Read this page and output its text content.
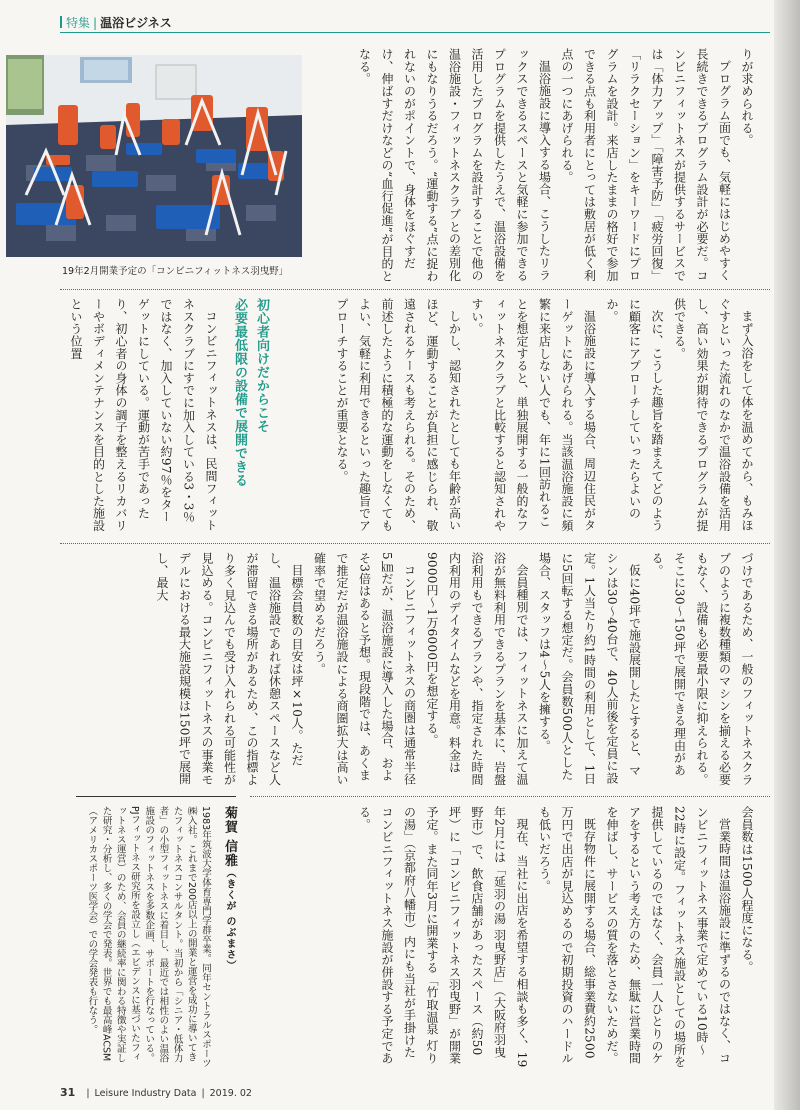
特集 | 温浴ビジネス
19年2月開業予定の「コンビニフィットネス羽曳野」

りが求められる。

プログラム面でも、気軽にはじめやすく長続きできるプログラム設計が必要だ。コンビニフィットネスが提供するサービスでは「体力アップ」「障害予防」「疲労回復」「リラクセーション」をキーワードにプログラムを設計。来店したままの格好で参加できる点も利用者にとっては敷居が低く利点の一つにあげられる。

温浴施設に導入する場合、こうしたリラックスできるスペースと気軽に参加できるプログラムを提供したうえで、温浴設備を活用したプログラムを設計することで他の温浴施設・フィットネスクラブとの差別化にもなりうるだろう。“運動する”点に捉われないのがポイントで、身体をほぐすだけ、伸ばすだけなどの“血行促進”が目的となる。

まず入浴をして体を温めてから、もみほぐすといった流れのなかで温浴設備を活用し、高い効果が期待できるプログラムが提供できる。

次に、こうした趣旨を踏まえてどのように顧客にアプローチしていったらよいのか。

温浴施設に導入する場合、周辺住民がターゲットにあげられる。当該温浴施設に頻繁に来店しない人でも、年に1回訪れることを想定すると、単独展開する一般的なフィットネスクラブと比較すると認知されやすい。

しかし、認知されたとしても年齢が高いほど、運動することが負担に感じられ、敬遠されるケースも考えられる。そのため、前述したように積極的な運動をしなくてもよい、気軽に利用できるといった趣旨でアプローチすることが重要となる。

初心者向けだからこそ
必要最低限の設備で展開できる

コンビニフィットネスは、民間フィットネスクラブにすでに加入している3・3％ではなく、加入していない約97％をターゲットにしている。運動が苦手であったり、初心者の身体の調子を整えるリカバリーやボディメンテナンスを目的とした施設という位置

づけであるため、一般のフィットネスクラブのように複数種類のマシンを揃える必要もなく、設備も必要最小限に抑えられる。そこに30～150坪で展開できる理由がある。

仮に40坪で施設展開したとすると、マシンは30～40台で、40人前後を定員に設定。1人当たり約1時間の利用として、1日に5回転する想定だ。会員数500人とした場合、スタッフは4～5人を擁する。

会員種別では、フィットネスに加えて温浴が無料利用できるプランを基本に、岩盤浴利用もできるプランや、指定された時間内利用のデイタイムなどを用意。料金は9000円～1万6000円を想定する。

コンビニフィットネスの商圏は通常半径5㎞だが、温浴施設に導入した場合、およそ3倍はあると予想。現段階では、あくまで推定だが温浴施設による商圏拡大は高い確率で望めるだろう。

目標会員数の目安は坪×10人。ただし、温浴施設であれば休憩スペースなど人が滞留できる場所があるため、この指標より多く見込んでも受け入れられる可能性が見込める。コンビニフィットネスの事業モデルにおける最大施設規模は150坪で展開し、最大

会員数は1500人程度になる。

営業時間は温浴施設に準ずるのではなく、コンビニフィットネス事業で定めている10時～22時に設定。フィットネス施設としての場所を提供しているのではなく、会員一人ひとりのケアをするという考え方のため、無駄に営業時間を伸ばし、サービスの質を落とさないためだ。

既存物件に展開する場合、総事業費約2500万円で出店が見込めるので初期投資のハードルも低いだろう。

現在、当社に出店を希望する相談も多く、19年2月には「延羽の湯 羽曳野店」（大阪府羽曳野市）で、飲食店舗があったスペース（約50坪）に「コンビニフィットネス羽曳野」が開業予定。また同年3月に開業する「竹取温泉 灯りの湯」（京都府八幡市）内にも当社が手掛けたコンビニフィットネス施設が併設する予定である。

菊賀 信雅（きくが のぶまさ）
1983年筑波大学体育専門学群卒業。同年セントラルスポーツ㈱入社。これまで200店以上の開業と運営を成功に導いてきたフィットネスコンサルタント。当初から「シニア・低体力者」の小型フィットネスに着目し、最近では相性のよい温浴施設のフィットネスを多数企画、サポートを行なっている。PJフィットネス研究所を設立し（エビデンスに基づいたフィットネス運営）のため、会員の継続率に関わる特徴や実証した研究・分析し、多くの学会で発表。世界でも最高峰ACSM（アメリカスポーツ医学会）での学会発表も行なう。
31 | Leisure Industry Data | 2019. 02
